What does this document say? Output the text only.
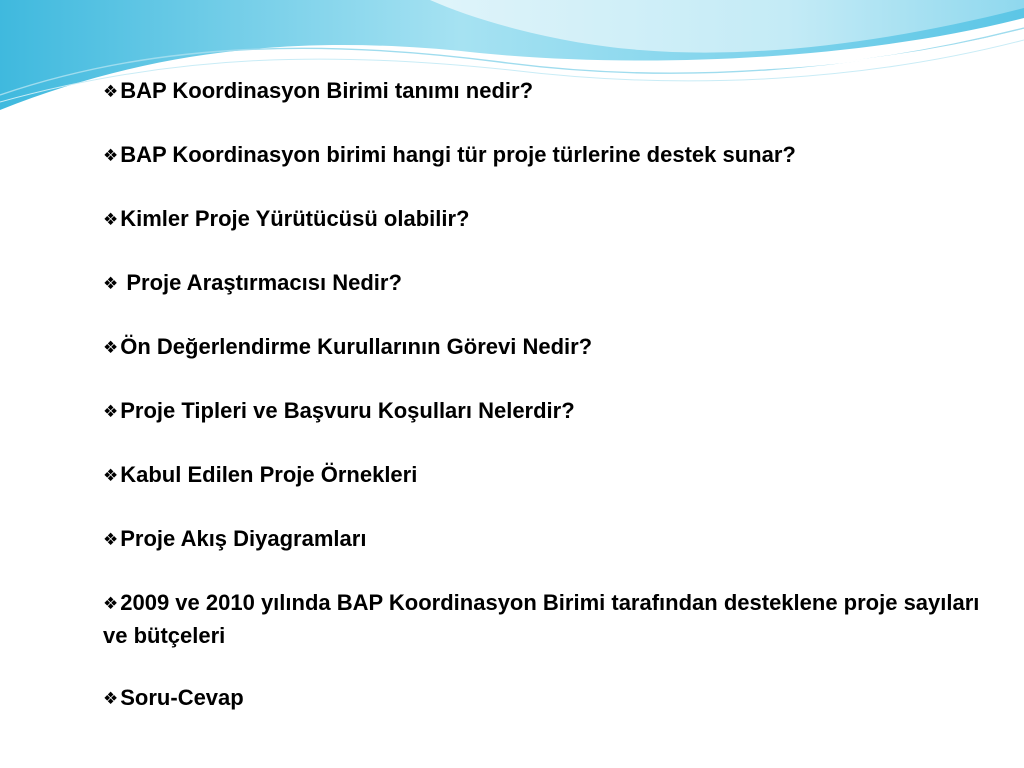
❖BAP Koordinasyon Birimi tanımı nedir?
❖BAP Koordinasyon birimi hangi tür proje türlerine destek sunar?
❖Kimler Proje Yürütücüsü olabilir?
❖ Proje Araştırmacısı Nedir?
❖Ön Değerlendirme Kurullarının Görevi Nedir?
❖Proje Tipleri ve Başvuru Koşulları Nelerdir?
❖Kabul Edilen Proje Örnekleri
❖Proje Akış Diyagramları
❖2009 ve 2010 yılında BAP Koordinasyon Birimi tarafından desteklene proje sayıları ve bütçeleri
❖Soru-Cevap
